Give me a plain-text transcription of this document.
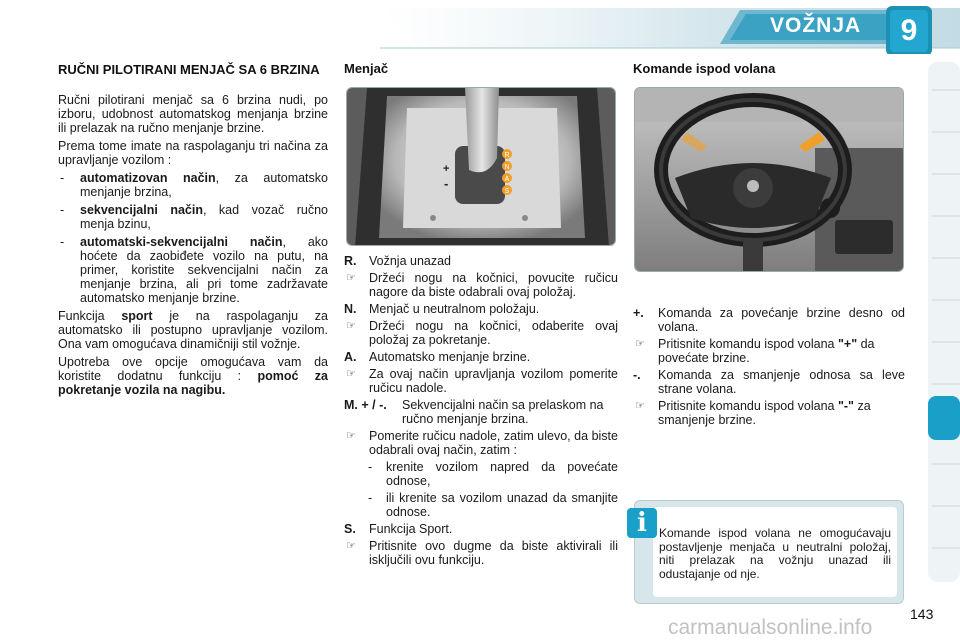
VOŽNJA	9
RUČNI PILOTIRANI MENJAČ SA 6 BRZINA

Ručni pilotirani menjač sa 6 brzina nudi, po izboru, udobnost automatskog menjanja brzine ili prelazak na ručno menjanje brzine.

Prema tome imate na raspolaganju tri načina za upravljanje vozilom :

-	automatizovan način, za automatsko menjanje brzina,
-	sekvencijalni način, kad vozač ručno menja bzinu,
-	automatski-sekvencijalni način, ako hoćete da zaobiđete vozilo na putu, na primer, koristite sekvencijalni način za menjanje brzina, ali pri tome zadržavate automatsko menjanje brzine.

Funkcija sport je na raspolaganju za automatsko ili postupno upravljanje vozilom. Ona vam omogućava dinamičniji stil vožnje.

Upotreba ove opcije omogućava vam da koristite dodatnu funkciju : pomoć za pokretanje vozila na nagibu.

Menjač
R
N
A
S
+
-
R.	Vožnja unazad
☞	Držeći nogu na kočnici, povucite ručicu nagore da biste odabrali ovaj položaj.
N.	Menjač u neutralnom položaju.
☞	Držeći nogu na kočnici, odaberite ovaj položaj za pokretanje.
A.	Automatsko menjanje brzine.
☞	Za ovaj način upravljanja vozilom pomerite ručicu nadole.
M. + / -.	Sekvencijalni način sa prelaskom na ručno menjanje brzina.
☞	Pomerite ručicu nadole, zatim ulevo, da biste odabrali ovaj način, zatim :
-	krenite vozilom napred da povećate odnose,
-	ili krenite sa vozilom unazad da smanjite odnose.
S.	Funkcija Sport.
☞	Pritisnite ovo dugme da biste aktivirali ili isključili ovu funkciju.
Komande ispod volana
+.	Komanda za povećanje brzine desno od volana.
☞	Pritisnite komandu ispod volana "+" da povećate brzine.
-.	Komanda za smanjenje odnosa sa leve strane volana.
☞	Pritisnite komandu ispod volana "-" za smanjenje brzine.
Komande ispod volana ne omogućavaju postavljenje menjača u neutralni položaj, niti prelazak na vožnju unazad ili odustajanje od nje.
i
143
carmanualsonline.info
